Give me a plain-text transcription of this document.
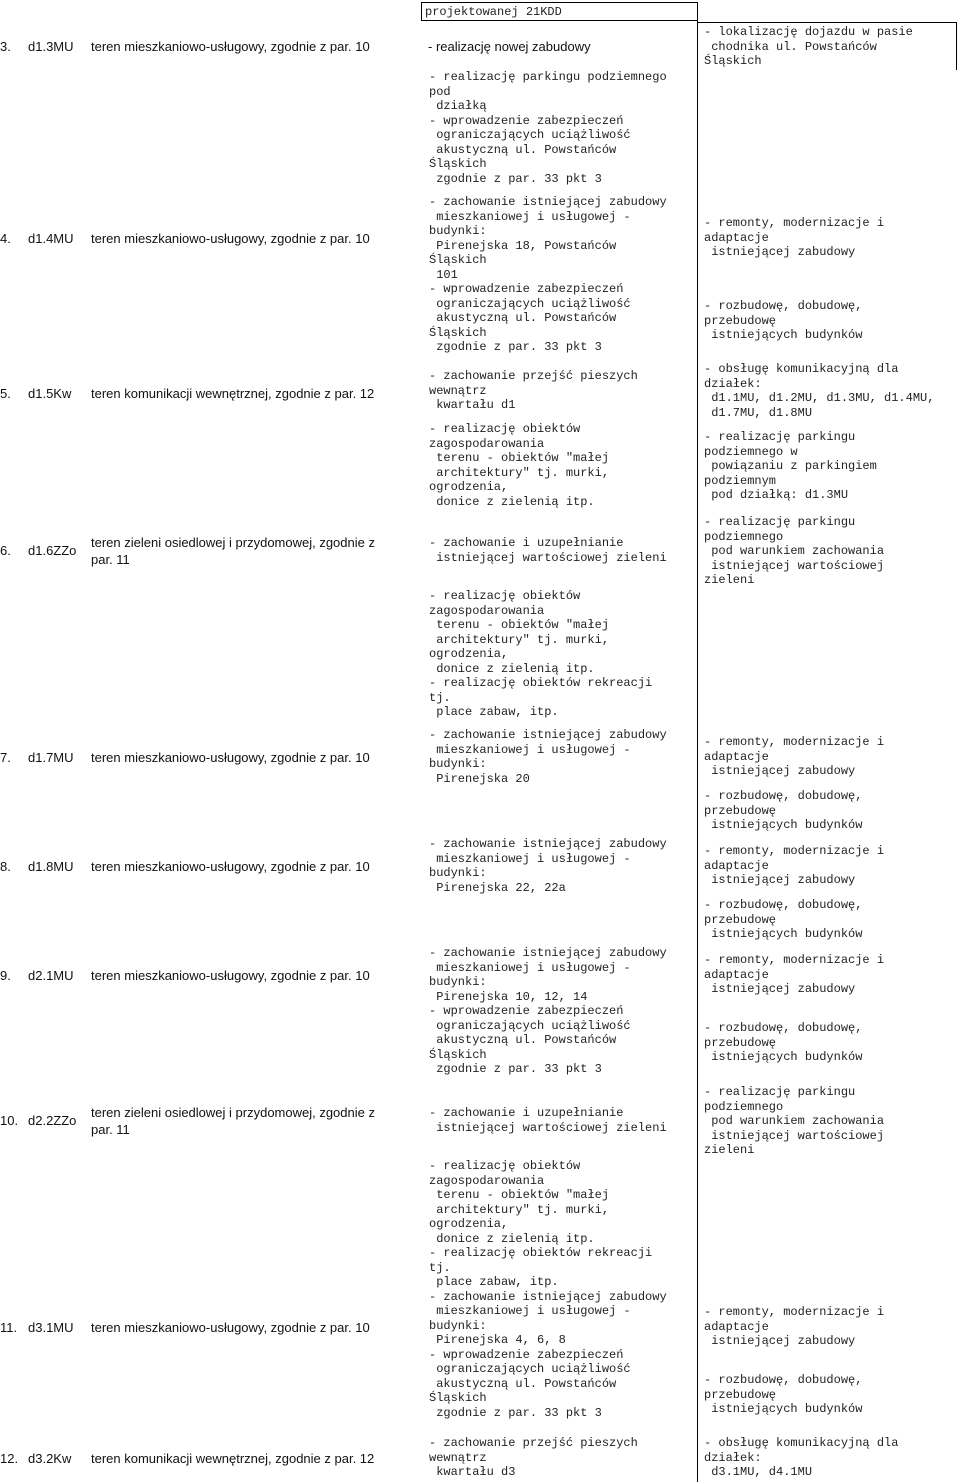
projektowanej 21KDD
3. d1.3MU teren mieszkaniowo-usługowy, zgodnie z par. 10	- realizację nowej zabudowy
4. d1.4MU teren mieszkaniowo-usługowy, zgodnie z par. 10
5. d1.5Kw teren komunikacji wewnętrznej, zgodnie z par. 12
6. d1.6ZZo
teren zieleni osiedlowej i przydomowej, zgodnie z
par. 11
7. d1.7MU teren mieszkaniowo-usługowy, zgodnie z par. 10
8. d1.8MU teren mieszkaniowo-usługowy, zgodnie z par. 10
9. d2.1MU teren mieszkaniowo-usługowy, zgodnie z par. 10
10. d2.2ZZo
teren zieleni osiedlowej i przydomowej, zgodnie z
par. 11
11. d3.1MU teren mieszkaniowo-usługowy, zgodnie z par. 10
12. d3.2Kw teren komunikacji wewnętrznej, zgodnie z par. 12
- realizację parkingu podziemnego
pod
działką
- wprowadzenie zabezpieczeń
ograniczających uciążliwość
akustyczną ul. Powstańców
Śląskich
zgodnie z par. 33 pkt 3
- zachowanie istniejącej zabudowy
mieszkaniowej i usługowej -
budynki:
Pirenejska 18, Powstańców
Śląskich
101
- wprowadzenie zabezpieczeń
ograniczających uciążliwość
akustyczną ul. Powstańców
Śląskich
zgodnie z par. 33 pkt 3
- zachowanie przejść pieszych
wewnątrz
kwartału d1
- realizację obiektów
zagospodarowania
terenu - obiektów "małej
architektury" tj. murki,
ogrodzenia,
donice z zielenią itp.
- zachowanie i uzupełnianie
istniejącej wartościowej zieleni
- realizację obiektów
zagospodarowania
terenu - obiektów "małej
architektury" tj. murki,
ogrodzenia,
donice z zielenią itp.
- realizację obiektów rekreacji
tj.
place zabaw, itp.
- zachowanie istniejącej zabudowy
mieszkaniowej i usługowej -
budynki:
Pirenejska 20
- zachowanie istniejącej zabudowy
mieszkaniowej i usługowej -
budynki:
Pirenejska 22, 22a
- zachowanie istniejącej zabudowy
mieszkaniowej i usługowej -
budynki:
Pirenejska 10, 12, 14
- wprowadzenie zabezpieczeń
ograniczających uciążliwość
akustyczną ul. Powstańców
Śląskich
zgodnie z par. 33 pkt 3
- zachowanie i uzupełnianie
istniejącej wartościowej zieleni
- realizację obiektów
zagospodarowania
terenu - obiektów "małej
architektury" tj. murki,
ogrodzenia,
donice z zielenią itp.
- realizację obiektów rekreacji
tj.
place zabaw, itp.
- zachowanie istniejącej zabudowy
mieszkaniowej i usługowej -
budynki:
Pirenejska 4, 6, 8
- wprowadzenie zabezpieczeń
ograniczających uciążliwość
akustyczną ul. Powstańców
Śląskich
zgodnie z par. 33 pkt 3
- zachowanie przejść pieszych
wewnątrz
kwartału d3
- lokalizację dojazdu w pasie
chodnika ul. Powstańców
Śląskich
- remonty, modernizacje i
adaptacje
istniejącej zabudowy
- rozbudowę, dobudowę,
przebudowę
istniejących budynków
- obsługę komunikacyjną dla
działek:
d1.1MU, d1.2MU, d1.3MU, d1.4MU,
d1.7MU, d1.8MU
- realizację parkingu
podziemnego w
powiązaniu z parkingiem
podziemnym
pod działką: d1.3MU
- realizację parkingu
podziemnego
pod warunkiem zachowania
istniejącej wartościowej
zieleni
- remonty, modernizacje i
adaptacje
istniejącej zabudowy
- rozbudowę, dobudowę,
przebudowę
istniejących budynków
- remonty, modernizacje i
adaptacje
istniejącej zabudowy
- rozbudowę, dobudowę,
przebudowę
istniejących budynków
- remonty, modernizacje i
adaptacje
istniejącej zabudowy
- rozbudowę, dobudowę,
przebudowę
istniejących budynków
- realizację parkingu
podziemnego
pod warunkiem zachowania
istniejącej wartościowej
zieleni
- remonty, modernizacje i
adaptacje
istniejącej zabudowy
- rozbudowę, dobudowę,
przebudowę
istniejących budynków
- obsługę komunikacyjną dla
działek:
d3.1MU, d4.1MU
